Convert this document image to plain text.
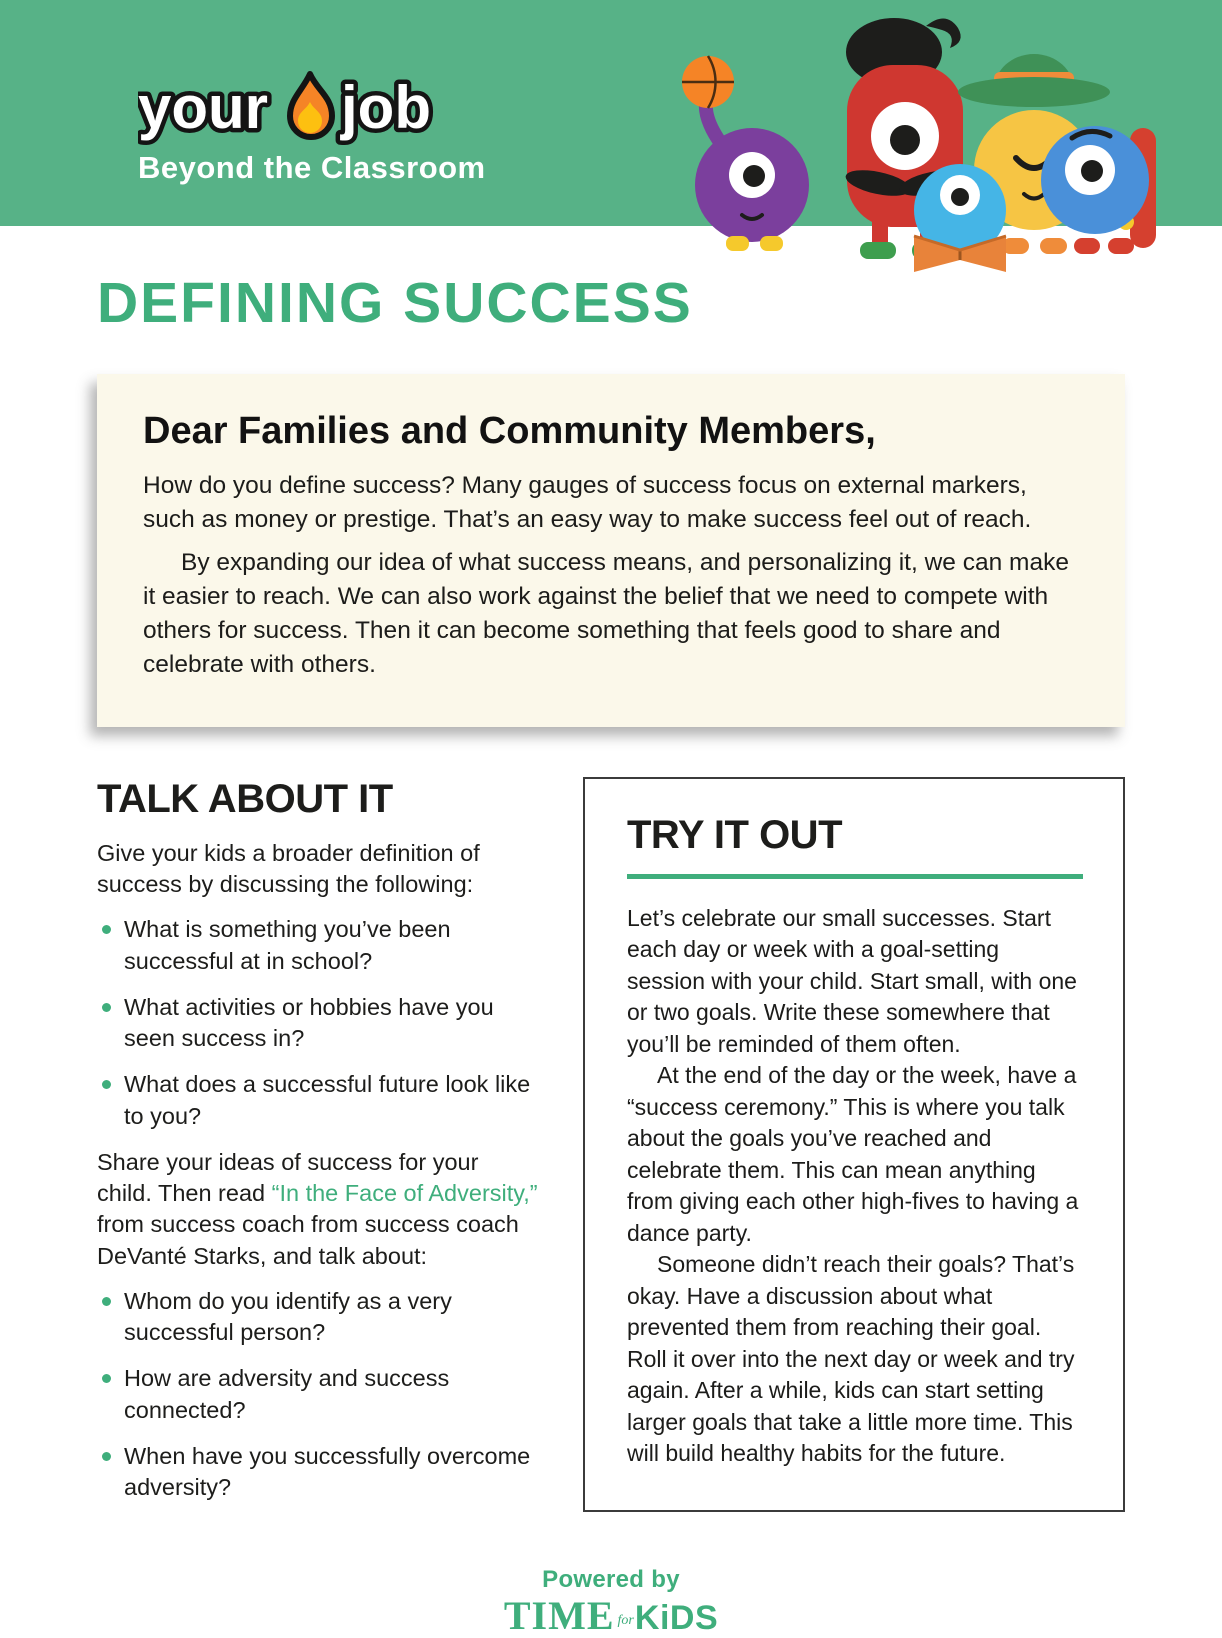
your job
Beyond the Classroom
DEFINING SUCCESS
Dear Families and Community Members,

How do you define success? Many gauges of success focus on external markers, such as money or prestige. That’s an easy way to make success feel out of reach.

By expanding our idea of what success means, and personalizing it, we can make it easier to reach. We can also work against the belief that we need to compete with others for success. Then it can become something that feels good to share and celebrate with others.

TALK ABOUT IT
Give your kids a broader definition of success by discussing the following:
What is something you’ve been successful at in school?
What activities or hobbies have you seen success in?
What does a successful future look like to you?
Share your ideas of success for your child. Then read “In the Face of Adversity,” from success coach from success coach DeVanté Starks, and talk about:
Whom do you identify as a very successful person?
How are adversity and success connected?
When have you successfully overcome adversity?
TRY IT OUT

Let’s celebrate our small successes. Start each day or week with a goal-setting session with your child. Start small, with one or two goals. Write these somewhere that you’ll be reminded of them often.

At the end of the day or the week, have a “success ceremony.” This is where you talk about the goals you’ve reached and celebrate them. This can mean anything from giving each other high-fives to having a dance party.

Someone didn’t reach their goals? That’s okay. Have a discussion about what prevented them from reaching their goal. Roll it over into the next day or week and try again. After a while, kids can start setting larger goals that take a little more time. This will build healthy habits for the future.

Powered by
TIME forKiDS
